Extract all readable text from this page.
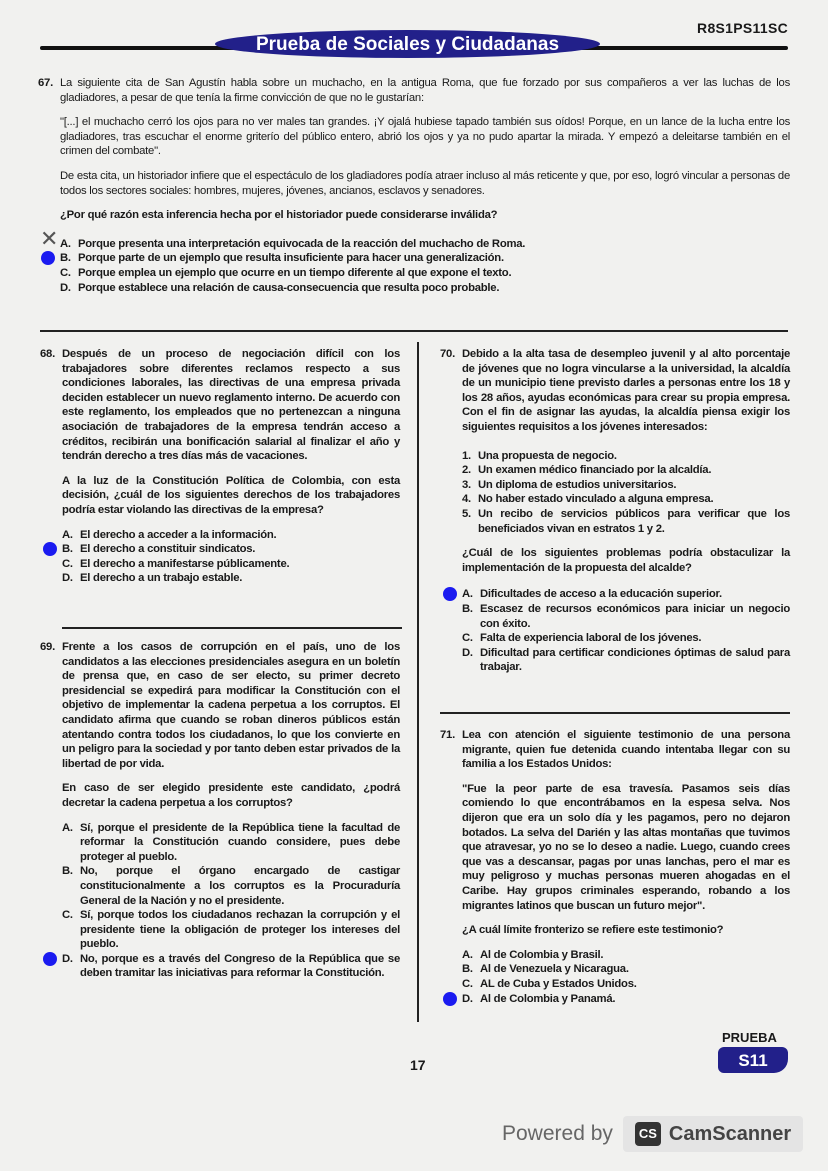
R8S1PS11SC
Prueba de Sociales y Ciudadanas
67. La siguiente cita de San Agustín habla sobre un muchacho, en la antigua Roma, que fue forzado por sus compañeros a ver las luchas de los gladiadores, a pesar de que tenía la firme convicción de que no le gustarían:

"[...] el muchacho cerró los ojos para no ver males tan grandes. ¡Y ojalá hubiese tapado también sus oídos! Porque, en un lance de la lucha entre los gladiadores, tras escuchar el enorme griterío del público entero, abrió los ojos y ya no pudo apartar la mirada. Y empezó a deleitarse también en el crimen del combate".

De esta cita, un historiador infiere que el espectáculo de los gladiadores podía atraer incluso al más reticente y que, por eso, logró vincular a personas de todos los sectores sociales: hombres, mujeres, jóvenes, ancianos, esclavos y senadores.

¿Por qué razón esta inferencia hecha por el historiador puede considerarse inválida?

A. Porque presenta una interpretación equivocada de la reacción del muchacho de Roma.
B. Porque parte de un ejemplo que resulta insuficiente para hacer una generalización.
C. Porque emplea un ejemplo que ocurre en un tiempo diferente al que expone el texto.
D. Porque establece una relación de causa-consecuencia que resulta poco probable.
✕
68. Después de un proceso de negociación difícil con los trabajadores sobre diferentes reclamos respecto a sus condiciones laborales, las directivas de una empresa privada deciden establecer un nuevo reglamento interno. De acuerdo con este reglamento, los empleados que no pertenezcan a ninguna asociación de trabajadores de la empresa tendrán acceso a créditos, recibirán una bonificación salarial al finalizar el año y tendrán derecho a tres días más de vacaciones.

A la luz de la Constitución Política de Colombia, con esta decisión, ¿cuál de los siguientes derechos de los trabajadores podría estar violando las directivas de la empresa?

A. El derecho a acceder a la información.
B. El derecho a constituir sindicatos.
C. El derecho a manifestarse públicamente.
D. El derecho a un trabajo estable.
69. Frente a los casos de corrupción en el país, uno de los candidatos a las elecciones presidenciales asegura en un boletín de prensa que, en caso de ser electo, su primer decreto presidencial se expedirá para modificar la Constitución con el objetivo de implementar la cadena perpetua a los corruptos. El candidato afirma que cuando se roban dineros públicos están atentando contra todos los ciudadanos, lo que los convierte en un peligro para la sociedad y por tanto deben estar privados de la libertad de por vida.

En caso de ser elegido presidente este candidato, ¿podrá decretar la cadena perpetua a los corruptos?

A. Sí, porque el presidente de la República tiene la facultad de reformar la Constitución cuando considere, pues debe proteger al pueblo.
B. No, porque el órgano encargado de castigar constitucionalmente a los corruptos es la Procuraduría General de la Nación y no el presidente.
C. Sí, porque todos los ciudadanos rechazan la corrupción y el presidente tiene la obligación de proteger los intereses del pueblo.
D. No, porque es a través del Congreso de la República que se deben tramitar las iniciativas para reformar la Constitución.
70. Debido a la alta tasa de desempleo juvenil y al alto porcentaje de jóvenes que no logra vincularse a la universidad, la alcaldía de un municipio tiene previsto darles a personas entre los 18 y los 28 años, ayudas económicas para crear su propia empresa. Con el fin de asignar las ayudas, la alcaldía piensa exigir los siguientes requisitos a los jóvenes interesados:

1. Una propuesta de negocio.
2. Un examen médico financiado por la alcaldía.
3. Un diploma de estudios universitarios.
4. No haber estado vinculado a alguna empresa.
5. Un recibo de servicios públicos para verificar que los beneficiados vivan en estratos 1 y 2.

¿Cuál de los siguientes problemas podría obstaculizar la implementación de la propuesta del alcalde?

A. Dificultades de acceso a la educación superior.
B. Escasez de recursos económicos para iniciar un negocio con éxito.
C. Falta de experiencia laboral de los jóvenes.
D. Dificultad para certificar condiciones óptimas de salud para trabajar.
71. Lea con atención el siguiente testimonio de una persona migrante, quien fue detenida cuando intentaba llegar con su familia a los Estados Unidos:

"Fue la peor parte de esa travesía. Pasamos seis días comiendo lo que encontrábamos en la espesa selva. Nos dijeron que era un solo día y les pagamos, pero no dejaron botados. La selva del Darién y las altas montañas que tuvimos que atravesar, yo no se lo deseo a nadie. Luego, cuando crees que vas a descansar, pagas por unas lanchas, pero el mar es muy peligroso y muchas personas mueren ahogadas en el Caribe. Hay grupos criminales esperando, robando a los migrantes latinos que buscan un futuro mejor".

¿A cuál límite fronterizo se refiere este testimonio?

A. Al de Colombia y Brasil.
B. Al de Venezuela y Nicaragua.
C. AL de Cuba y Estados Unidos.
D. Al de Colombia y Panamá.
17
PRUEBA
S11
Powered by	CS CamScanner
